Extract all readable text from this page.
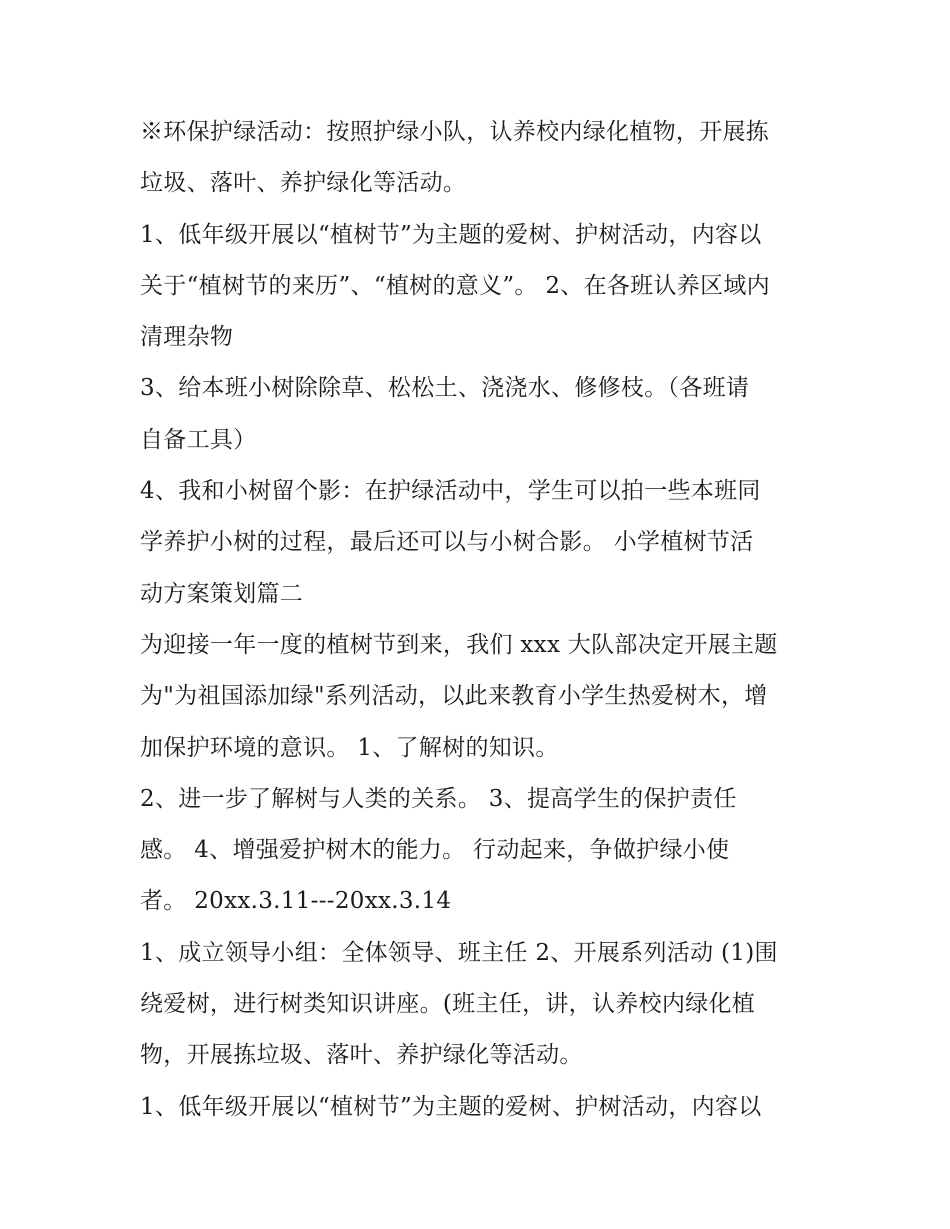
※环保护绿活动：按照护绿小队，认养校内绿化植物，开展拣
垃圾、落叶、养护绿化等活动。
1、低年级开展以“植树节”为主题的爱树、护树活动，内容以
关于“植树节的来历”、“植树的意义”。 2、在各班认养区域内
清理杂物
3、给本班小树除除草、松松土、浇浇水、修修枝。（各班请
自备工具）
4、我和小树留个影：在护绿活动中，学生可以拍一些本班同
学养护小树的过程，最后还可以与小树合影。 小学植树节活
动方案策划篇二
为迎接一年一度的植树节到来，我们 xxx 大队部决定开展主题
为"为祖国添加绿"系列活动，以此来教育小学生热爱树木，增
加保护环境的意识。 1、了解树的知识。
2、进一步了解树与人类的关系。 3、提高学生的保护责任
感。 4、增强爱护树木的能力。 行动起来，争做护绿小使
者。 20xx.3.11---20xx.3.14
1、成立领导小组：全体领导、班主任 2、开展系列活动 (1)围
绕爱树，进行树类知识讲座。(班主任，讲，认养校内绿化植
物，开展拣垃圾、落叶、养护绿化等活动。
1、低年级开展以“植树节”为主题的爱树、护树活动，内容以
